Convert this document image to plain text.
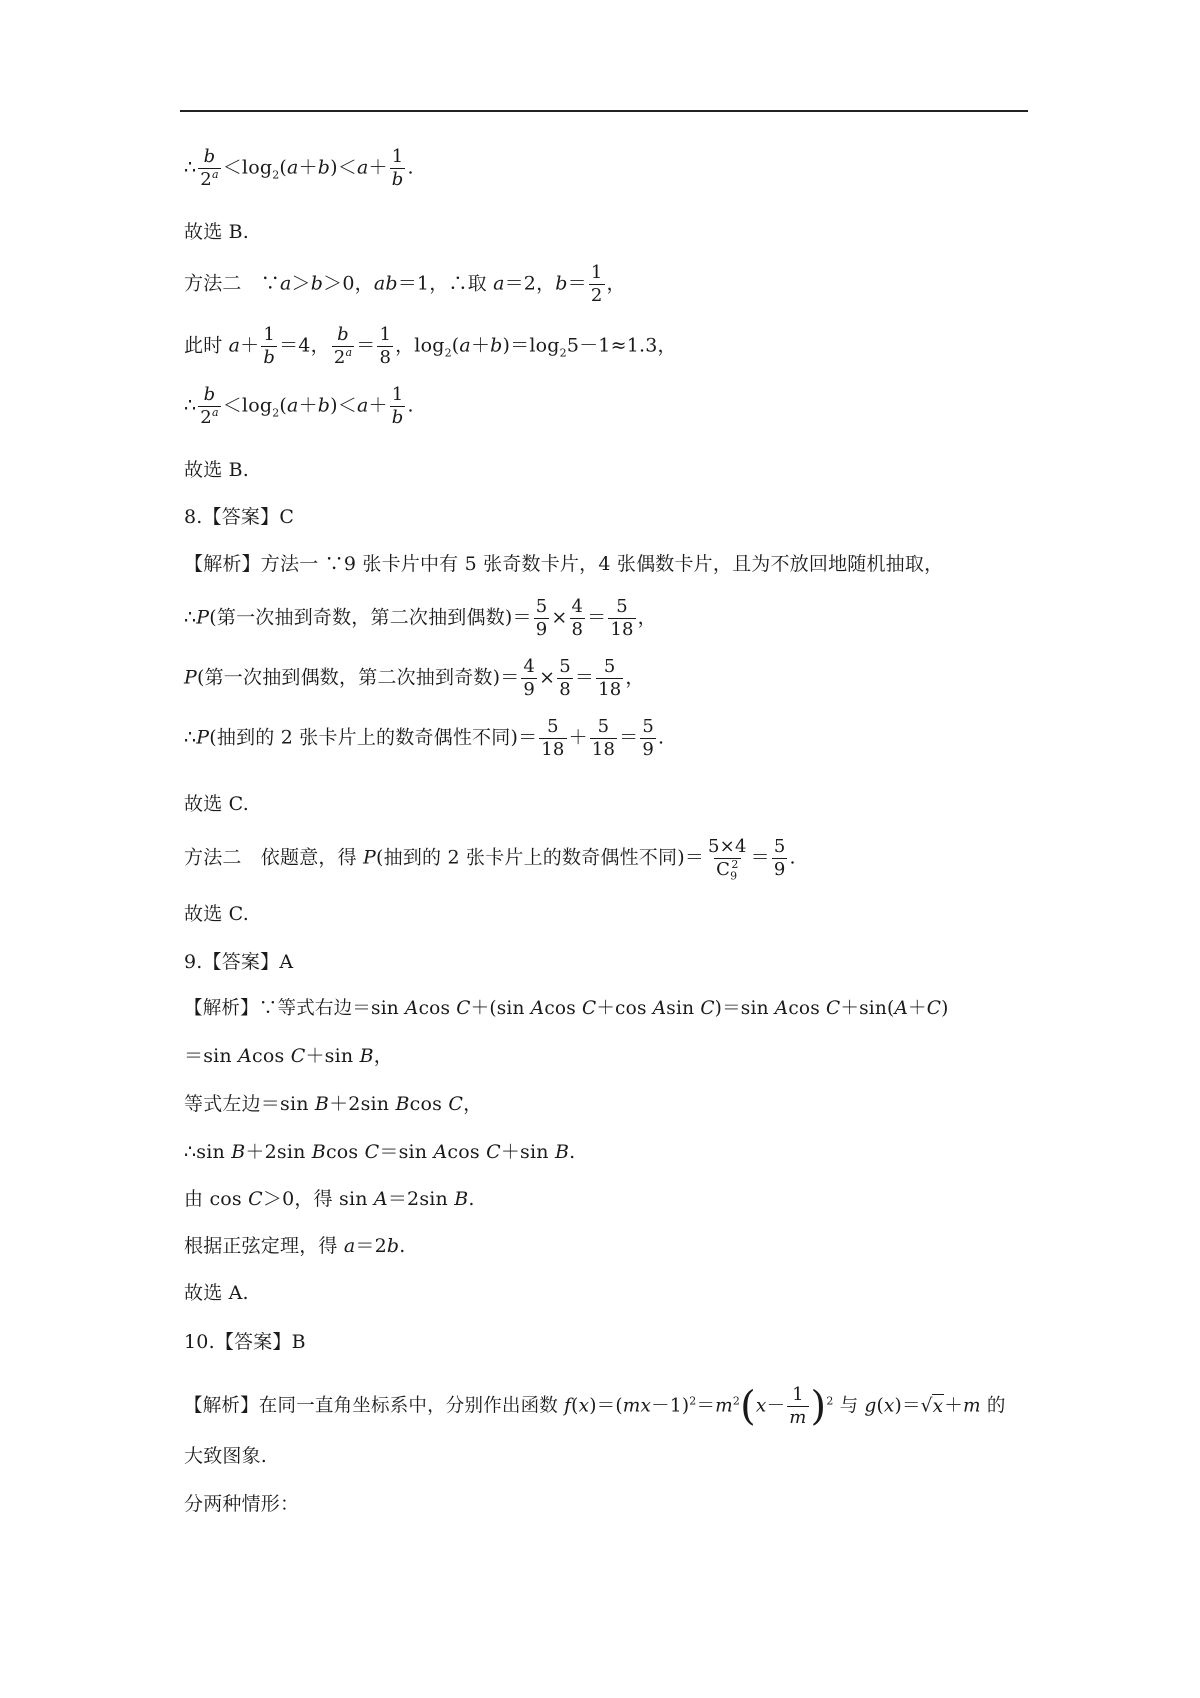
∴ $\frac{b}{2^a} <\log_2(a+b)<a+ \frac{1}{b}$ .
故选 B.
方法二　∵a＞b＞0，ab＝1，∴取 a＝2，$b= \frac{1}{2}$ ，
此时 $a+ \frac{1}{b} =4$， $\frac{b}{2^a} = \frac{1}{8}$ ，$\log_2(a+b)=\log_25-1\approx 1.3$，
∴ $\frac{b}{2^a} <\log_2(a+b)<a+ \frac{1}{b}$ .
故选 B.
8.【答案】C
【解析】方法一 ∵9 张卡片中有 5 张奇数卡片，4 张偶数卡片，且为不放回地随机抽取，
∴P(第一次抽到奇数，第二次抽到偶数)＝ $\frac{5}{9} \times \frac{4}{8} = \frac{5}{18}$ ，
P(第一次抽到偶数，第二次抽到奇数)＝ $\frac{4}{9} \times \frac{5}{8} = \frac{5}{18}$ ，
∴P(抽到的 2 张卡片上的数奇偶性不同)＝ $\frac{5}{18} + \frac{5}{18} = \frac{5}{9}$ .
故选 C.
方法二　依题意，得 P(抽到的 2 张卡片上的数奇偶性不同)＝ $\frac{5\times 4}{C_9^2} = \frac{5}{9}$ .
故选 C.
9.【答案】A
【解析】∵等式右边＝sin Acos C＋(sin Acos C＋cos Asin C)＝sin Acos C＋sin(A＋C)
＝sin Acos C＋sin B，
等式左边＝sin B＋2sin Bcos C，
∴sin B＋2sin Bcos C＝sin Acos C＋sin B.
由 cos C＞0，得 sin A＝2sin B.
根据正弦定理，得 a＝2b.
故选 A.
10.【答案】B
【解析】在同一直角坐标系中，分别作出函数 $f(x)=(mx-1)^2=m^2(x- \frac{1}{m} )^2$ 与 g(x)＝√x＋m 的
大致图象.
分两种情形：
